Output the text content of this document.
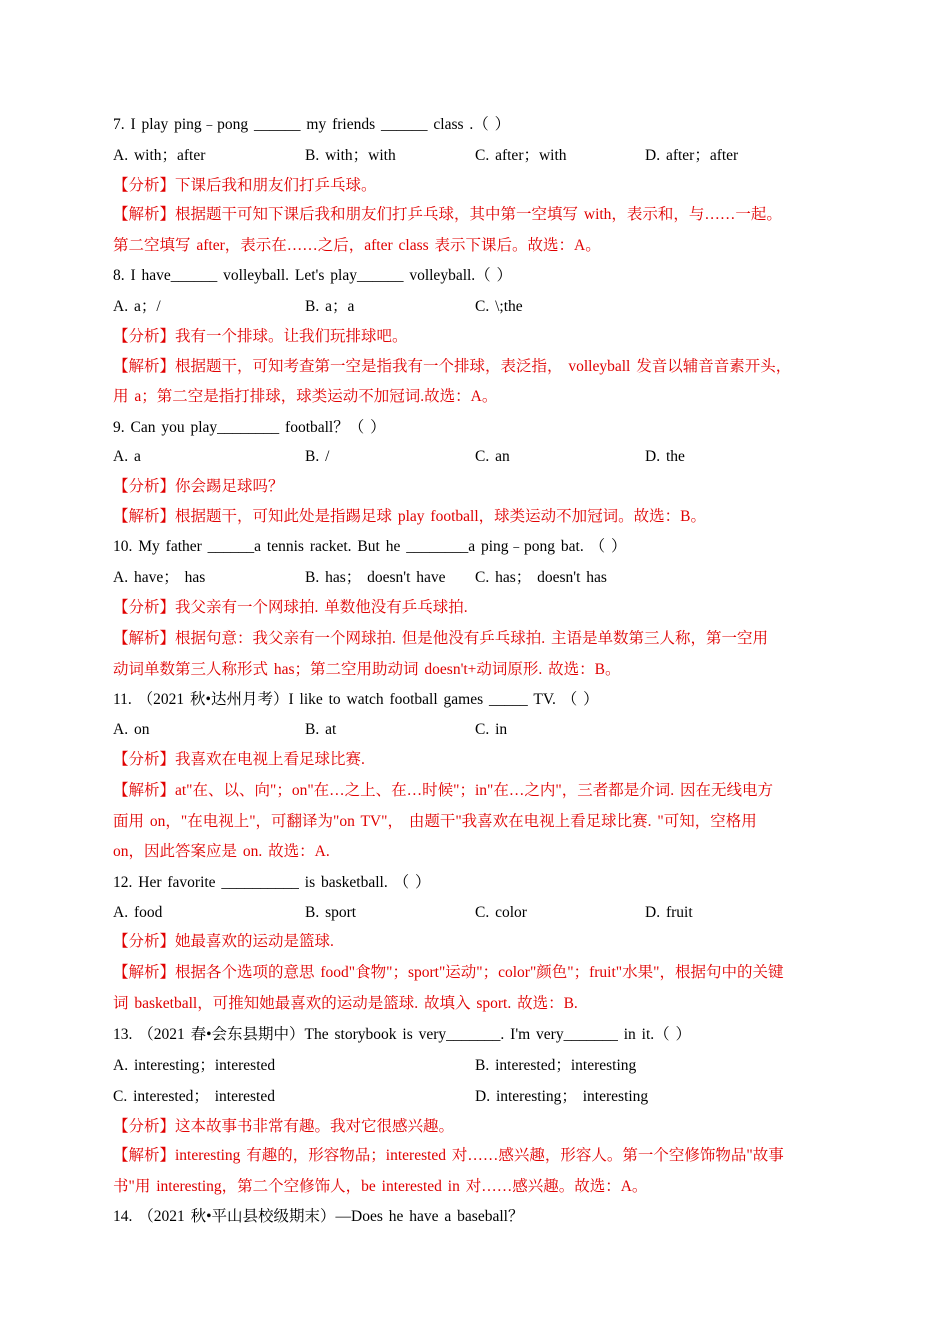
7. I play ping﹣pong ______ my friends ______ class .（ ）
A. with；after	B. with；with	C. after；with	D. after；after
【分析】下课后我和朋友们打乒乓球。
【解析】根据题干可知下课后我和朋友们打乒乓球，其中第一空填写 with，表示和，与……一起。
第二空填写 after，表示在……之后，after class 表示下课后。故选：A。
8. I have______ volleyball. Let's play______ volleyball.（ ）
A. a；/	B. a；a	C. \;the
【分析】我有一个排球。让我们玩排球吧。
【解析】根据题干，可知考查第一空是指我有一个排球，表泛指， volleyball 发音以辅音音素开头，
用 a；第二空是指打排球，球类运动不加冠词.故选：A。
9. Can you play________ football？（ ）
A. a	B. /	C. an	D. the
【分析】你会踢足球吗？
【解析】根据题干，可知此处是指踢足球 play football，球类运动不加冠词。故选：B。
10. My father ______a tennis racket. But he ________a ping﹣pong bat. （ ）
A. have； has	B. has； doesn't have C. has； doesn't has
【分析】我父亲有一个网球拍. 单数他没有乒乓球拍.
【解析】根据句意：我父亲有一个网球拍. 但是他没有乒乓球拍. 主语是单数第三人称，第一空用
动词单数第三人称形式 has；第二空用助动词 doesn't+动词原形. 故选：B。
11. （2021 秋•达州月考）I like to watch football games _____ TV. （ ）
A. on	B. at	C. in
【分析】我喜欢在电视上看足球比赛.
【解析】at"在、以、向"；on"在…之上、在…时候"；in"在…之内"，三者都是介词. 因在无线电方
面用 on，"在电视上"，可翻译为"on TV"， 由题干"我喜欢在电视上看足球比赛. "可知，空格用
on，因此答案应是 on. 故选：A.
12. Her favorite __________ is basketball. （ ）
A. food	B. sport	C. color	D. fruit
【分析】她最喜欢的运动是篮球.
【解析】根据各个选项的意思 food"食物"；sport"运动"；color"颜色"；fruit"水果"，根据句中的关键
词 basketball，可推知她最喜欢的运动是篮球. 故填入 sport. 故选：B.
13. （2021 春•会东县期中）The storybook is very_______. I'm very_______ in it.（ ）
A. interesting；interested	B. interested；interesting
C. interested； interested	D. interesting； interesting
【分析】这本故事书非常有趣。我对它很感兴趣。
【解析】interesting 有趣的，形容物品；interested 对……感兴趣，形容人。第一个空修饰物品"故事
书"用 interesting，第二个空修饰人，be interested in 对……感兴趣。故选：A。
14. （2021 秋•平山县校级期末）—Does he have a baseball？
